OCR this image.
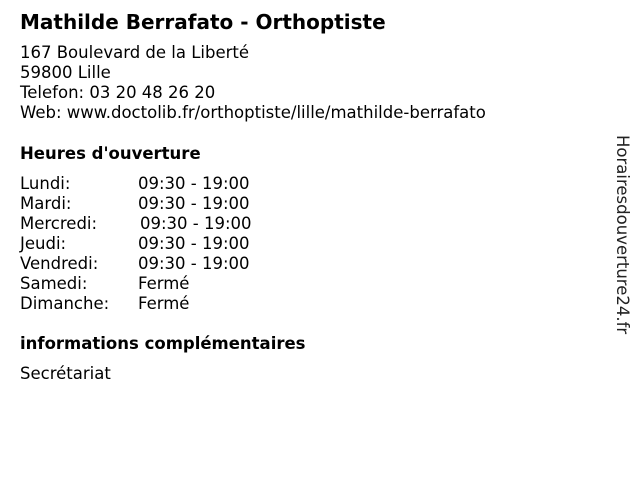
Mathilde Berrafato - Orthoptiste
167 Boulevard de la Liberté
59800 Lille
Telefon: 03 20 48 26 20
Web: www.doctolib.fr/orthoptiste/lille/mathilde-berrafato
Heures d'ouverture
Lundi:	09:30 - 19:00
Mardi:	09:30 - 19:00
Mercredi:	09:30 - 19:00
Jeudi:	09:30 - 19:00
Vendredi: 09:30 - 19:00
Samedi:	Fermé
Dimanche: Fermé
informations complémentaires
Secrétariat
Horairesdouverture24.fr
